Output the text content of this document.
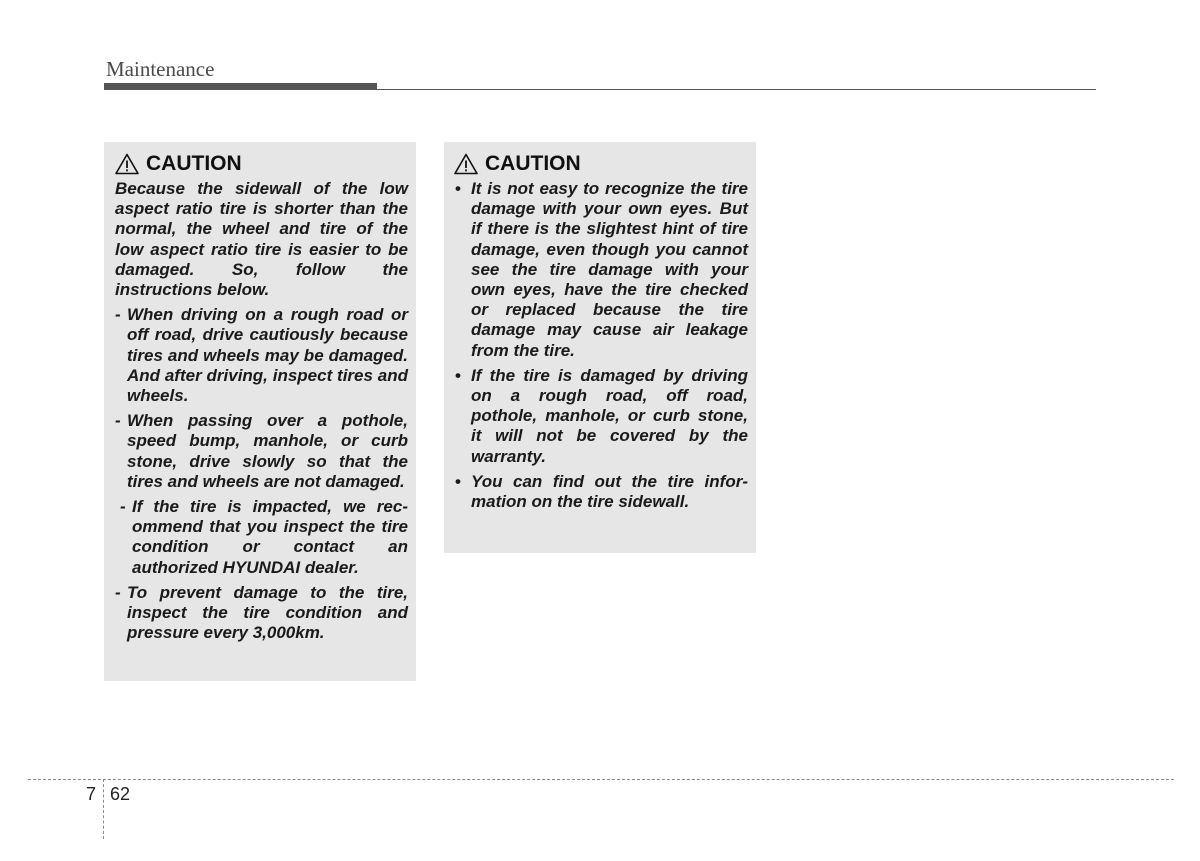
Maintenance
CAUTION

Because the sidewall of the low aspect ratio tire is shorter than the normal, the wheel and tire of the low aspect ratio tire is easier to be damaged. So, follow the instructions below.

- When driving on a rough road or off road, drive cautiously because tires and wheels may be damaged. And after driving, inspect tires and wheels.
- When passing over a pothole, speed bump, manhole, or curb stone, drive slowly so that the tires and wheels are not damaged.
- If the tire is impacted, we recommend that you inspect the tire condition or contact an authorized HYUNDAI dealer.
- To prevent damage to the tire, inspect the tire condition and pressure every 3,000km.
CAUTION
• It is not easy to recognize the tire damage with your own eyes. But if there is the slightest hint of tire damage, even though you cannot see the tire damage with your own eyes, have the tire checked or replaced because the tire damage may cause air leakage from the tire.
• If the tire is damaged by driving on a rough road, off road, pothole, manhole, or curb stone, it will not be covered by the warranty.
• You can find out the tire information on the tire sidewall.
7 62
